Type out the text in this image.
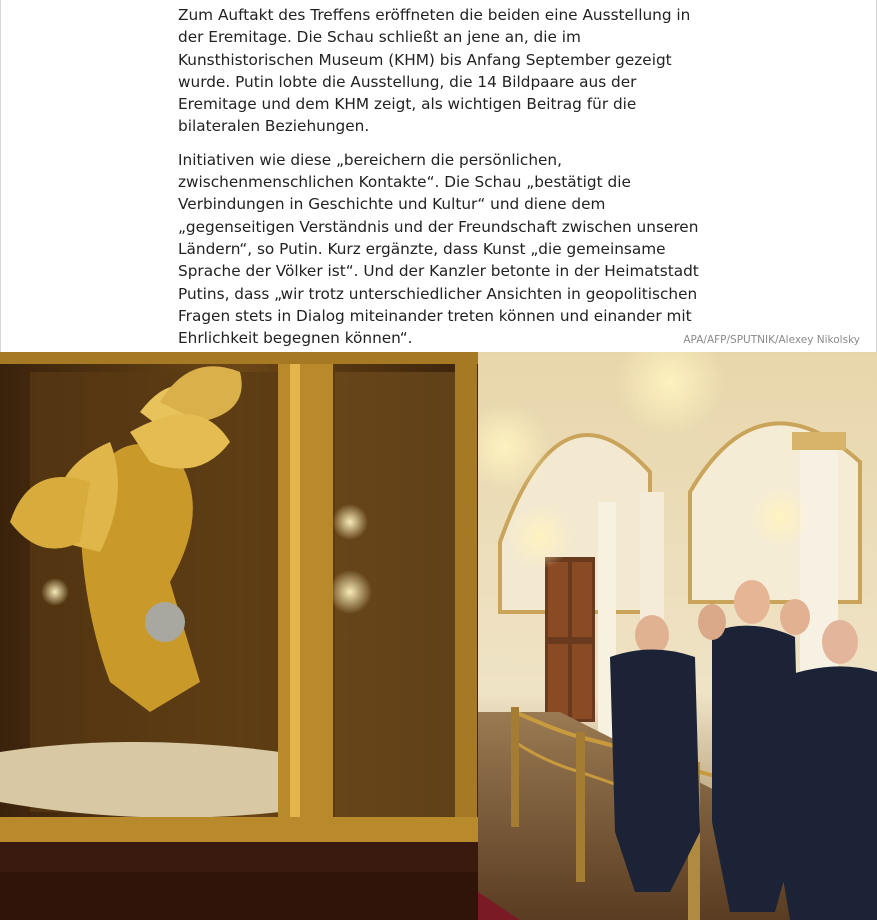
Zum Auftakt des Treffens eröffneten die beiden eine Ausstellung in der Eremitage. Die Schau schließt an jene an, die im Kunsthistorischen Museum (KHM) bis Anfang September gezeigt wurde. Putin lobte die Ausstellung, die 14 Bildpaare aus der Eremitage und dem KHM zeigt, als wichtigen Beitrag für die bilateralen Beziehungen.

Initiativen wie diese „bereichern die persönlichen, zwischenmenschlichen Kontakte“. Die Schau „bestätigt die Verbindungen in Geschichte und Kultur“ und diene dem „gegenseitigen Verständnis und der Freundschaft zwischen unseren Ländern“, so Putin. Kurz ergänzte, dass Kunst „die gemeinsame Sprache der Völker ist“. Und der Kanzler betonte in der Heimatstadt Putins, dass „wir trotz unterschiedlicher Ansichten in geopolitischen Fragen stets in Dialog miteinander treten können und einander mit Ehrlichkeit begegnen können“.	APA/AFP/SPUTNIK/Alexey Nikolsky
